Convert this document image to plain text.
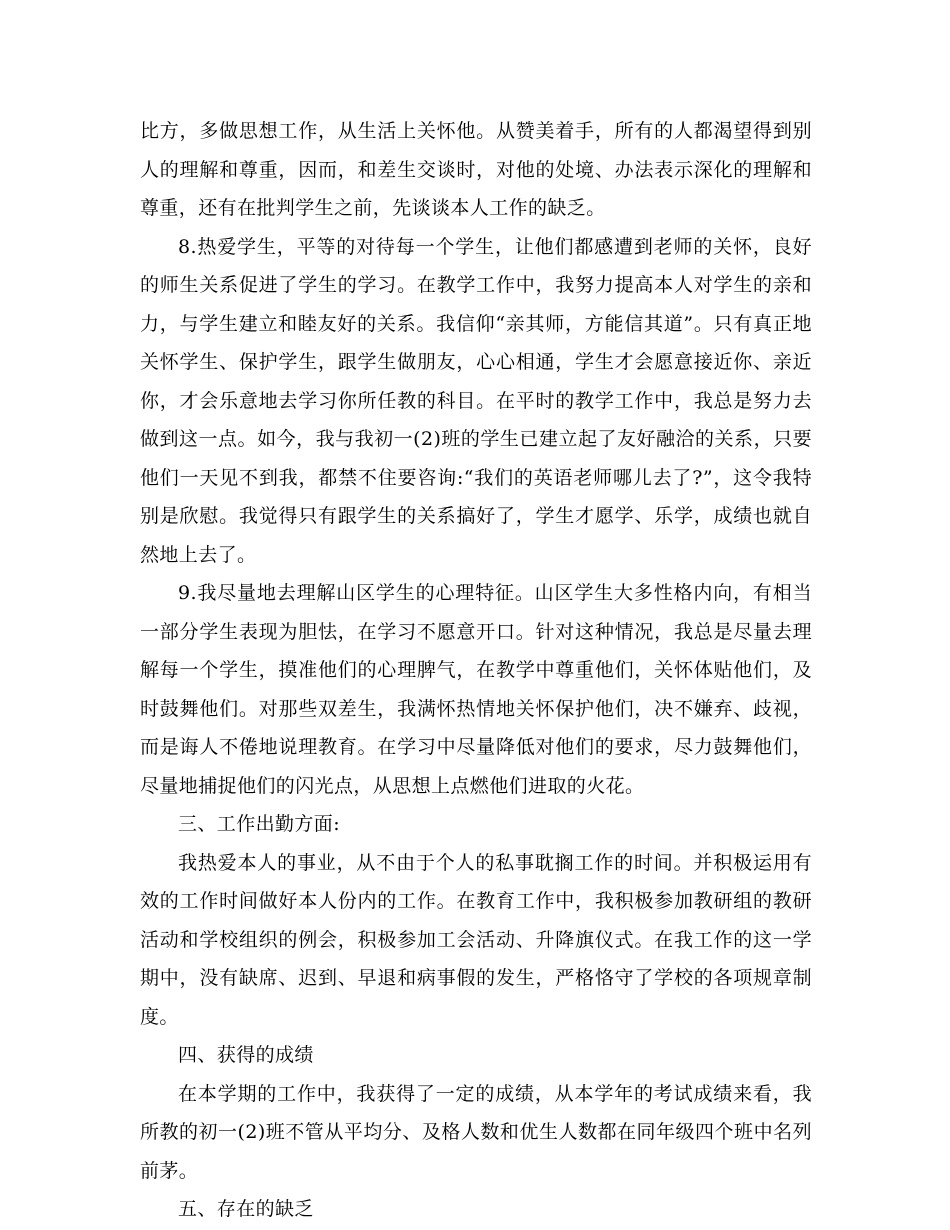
比方，多做思想工作，从生活上关怀他。从赞美着手，所有的人都渴望得到别人的理解和尊重，因而，和差生交谈时，对他的处境、办法表示深化的理解和尊重，还有在批判学生之前，先谈谈本人工作的缺乏。

8.热爱学生，平等的对待每一个学生，让他们都感遭到老师的关怀，良好的师生关系促进了学生的学习。在教学工作中，我努力提高本人对学生的亲和力，与学生建立和睦友好的关系。我信仰“亲其师，方能信其道”。只有真正地关怀学生、保护学生，跟学生做朋友，心心相通，学生才会愿意接近你、亲近你，才会乐意地去学习你所任教的科目。在平时的教学工作中，我总是努力去做到这一点。如今，我与我初一(2)班的学生已建立起了友好融洽的关系，只要他们一天见不到我，都禁不住要咨询:“我们的英语老师哪儿去了?”，这令我特别是欣慰。我觉得只有跟学生的关系搞好了，学生才愿学、乐学，成绩也就自然地上去了。

9.我尽量地去理解山区学生的心理特征。山区学生大多性格内向，有相当一部分学生表现为胆怯，在学习不愿意开口。针对这种情况，我总是尽量去理解每一个学生，摸准他们的心理脾气，在教学中尊重他们，关怀体贴他们，及时鼓舞他们。对那些双差生，我满怀热情地关怀保护他们，决不嫌弃、歧视，而是诲人不倦地说理教育。在学习中尽量降低对他们的要求，尽力鼓舞他们，尽量地捕捉他们的闪光点，从思想上点燃他们进取的火花。

三、工作出勤方面:

我热爱本人的事业，从不由于个人的私事耽搁工作的时间。并积极运用有效的工作时间做好本人份内的工作。在教育工作中，我积极参加教研组的教研活动和学校组织的例会，积极参加工会活动、升降旗仪式。在我工作的这一学期中，没有缺席、迟到、早退和病事假的发生，严格恪守了学校的各项规章制度。

四、获得的成绩

在本学期的工作中，我获得了一定的成绩，从本学年的考试成绩来看，我所教的初一(2)班不管从平均分、及格人数和优生人数都在同年级四个班中名列前茅。

五、存在的缺乏
